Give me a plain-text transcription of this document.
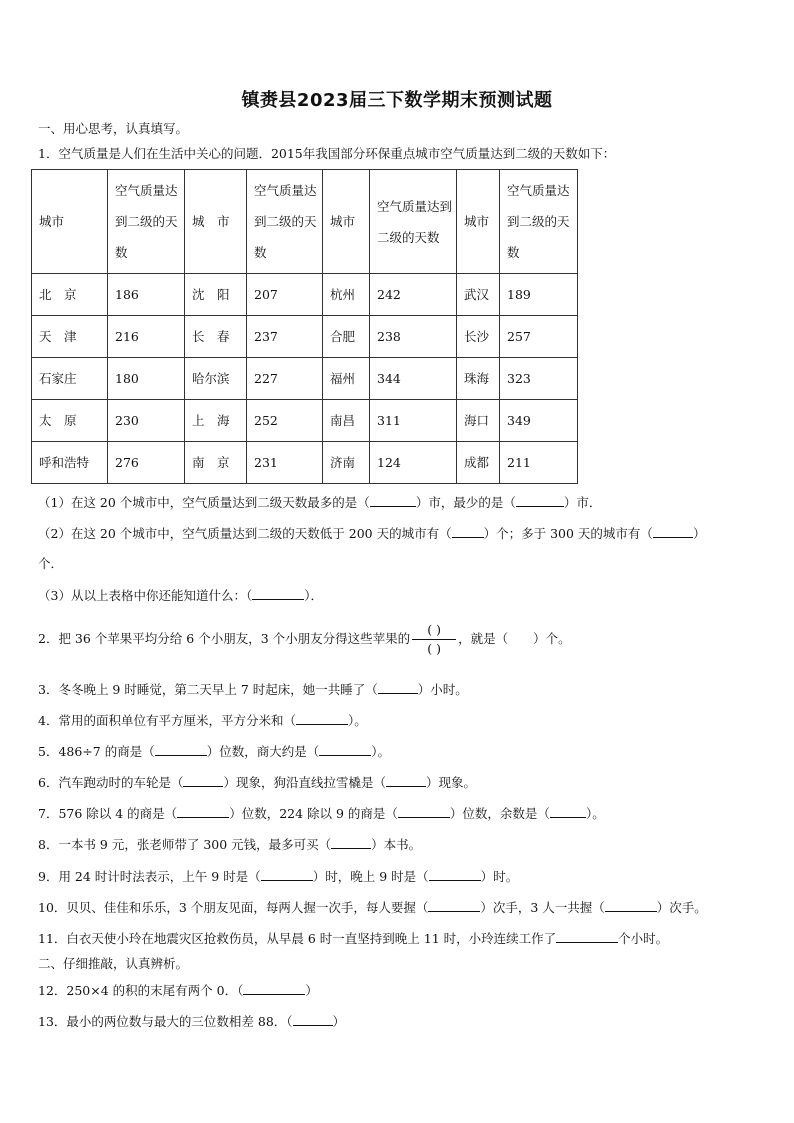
镇赉县2023届三下数学期末预测试题
一、用心思考，认真填写。
1．空气质量是人们在生活中关心的问题．2015年我国部分环保重点城市空气质量达到二级的天数如下：
城市	空气质量达到二级的天数	城　市	空气质量达到二级的天数	城市	空气质量达到二级的天数	城市	空气质量达到二级的天数
北　京	186	沈　阳	207	杭州	242	武汉	189
天　津	216	长　春	237	合肥	238	长沙	257
石家庄	180	哈尔滨	227	福州	344	珠海	323
太　原	230	上　海	252	南昌	311	海口	349
呼和浩特	276	南　京	231	济南	124	成都	211
（1）在这 20 个城市中，空气质量达到二级天数最多的是（	）市，最少的是（	）市．
（2）在这 20 个城市中，空气质量达到二级的天数低于 200 天的城市有（	）个；多于 300 天的城市有（	）
个．
（3）从以上表格中你还能知道什么：（	）．
2．把 36 个苹果平均分给 6 个小朋友，3 个小朋友分得这些苹果的 $\frac{( )}{( )}$ ，就是（　　）个。
3．冬冬晚上 9 时睡觉，第二天早上 7 时起床，她一共睡了（	）小时。
4．常用的面积单位有平方厘米，平方分米和（	）。
5．486÷7 的商是（	）位数，商大约是（	）。
6．汽车跑动时的车轮是（	）现象，狗沿直线拉雪橇是（	）现象。
7．576 除以 4 的商是（	）位数，224 除以 9 的商是（	）位数，余数是（	）。
8．一本书 9 元，张老师带了 300 元钱，最多可买（	）本书。
9．用 24 时计时法表示，上午 9 时是（	）时，晚上 9 时是（	）时。
10．贝贝、佳佳和乐乐，3 个朋友见面，每两人握一次手，每人要握（	）次手，3 人一共握（	）次手。
11．白衣天使小玲在地震灾区抢救伤员，从早晨 6 时一直坚持到晚上 11 时，小玲连续工作了	个小时。
二、仔细推敲，认真辨析。
12．250×4 的积的末尾有两个 0．（	）
13．最小的两位数与最大的三位数相差 88．（	）
